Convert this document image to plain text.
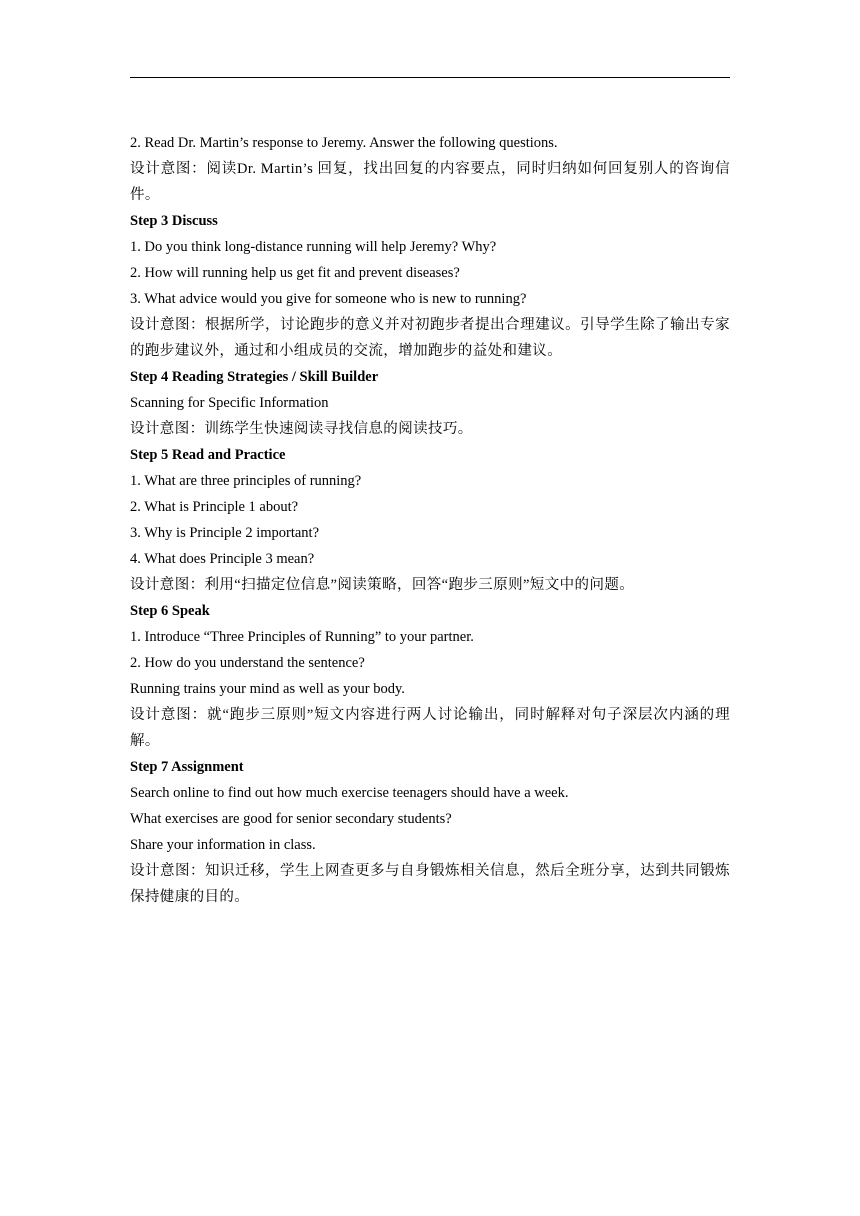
2. Read Dr. Martin’s response to Jeremy. Answer the following questions.
设计意图：阅读Dr. Martin’s 回复，找出回复的内容要点，同时归纳如何回复别人的咨询信件。
Step 3 Discuss
1. Do you think long-distance running will help Jeremy? Why?
2. How will running help us get fit and prevent diseases?
3. What advice would you give for someone who is new to running?
设计意图：根据所学，讨论跑步的意义并对初跑步者提出合理建议。引导学生除了输出专家的跑步建议外，通过和小组成员的交流，增加跑步的益处和建议。
Step 4 Reading Strategies / Skill Builder
Scanning for Specific Information
设计意图：训练学生快速阅读寻找信息的阅读技巧。
Step 5 Read and Practice
1. What are three principles of running?
2. What is Principle 1 about?
3. Why is Principle 2 important?
4. What does Principle 3 mean?
设计意图：利用“扫描定位信息”阅读策略，回答“跑步三原则”短文中的问题。
Step 6 Speak
1. Introduce “Three Principles of Running” to your partner.
2. How do you understand the sentence?
Running trains your mind as well as your body.
设计意图：就“跑步三原则”短文内容进行两人讨论输出，同时解释对句子深层次内涵的理解。
Step 7 Assignment
Search online to find out how much exercise teenagers should have a week.
What exercises are good for senior secondary students?
Share your information in class.
设计意图：知识迁移，学生上网查更多与自身锻炼相关信息，然后全班分享，达到共同锻炼保持健康的目的。
